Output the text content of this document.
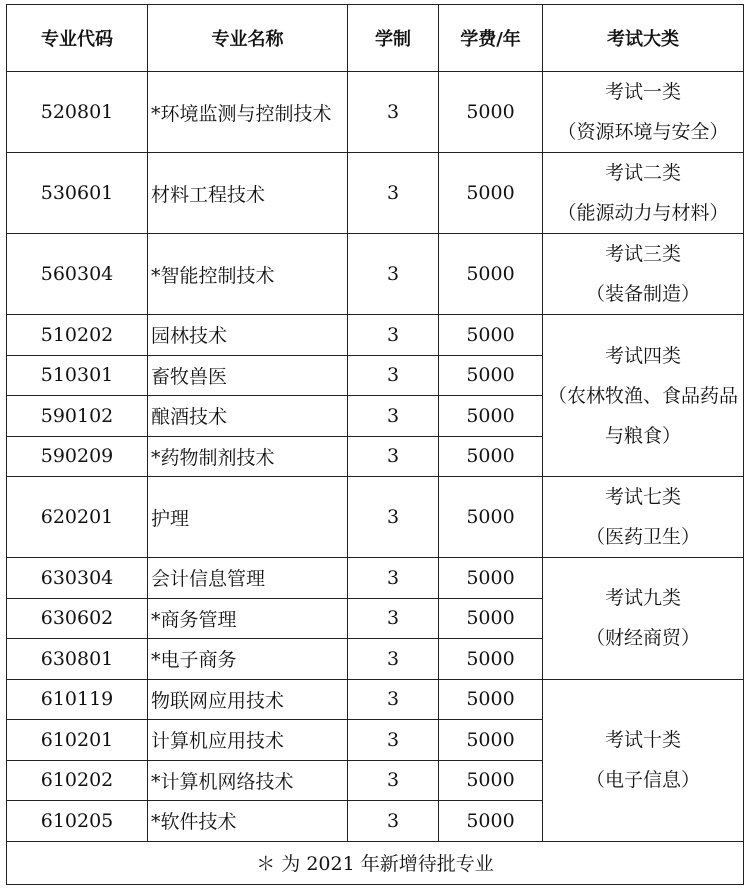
专业代码	专业名称	学制	学费/年	考试大类
520801	*环境监测与控制技术	3	5000	考试一类
（资源环境与安全）

530601	材料工程技术	3	5000	考试二类
（能源动力与材料）

560304	*智能控制技术	3	5000	考试三类
（装备制造）

510202	园林技术	3	5000	考试四类
（农林牧渔、食品药品
与粮食）

510301	畜牧兽医	3	5000	
590102	酿酒技术	3	5000	
590209	*药物制剂技术	3	5000	
620201	护理	3	5000	考试七类
（医药卫生）

630304	会计信息管理	3	5000	考试九类
（财经商贸）

630602	*商务管理	3	5000	
630801	*电子商务	3	5000	
610119	物联网应用技术	3	5000	考试十类
（电子信息）

610201	计算机应用技术	3	5000	
610202	*计算机网络技术	3	5000	
610205	*软件技术	3	5000	
＊ 为 2021 年新增待批专业				
